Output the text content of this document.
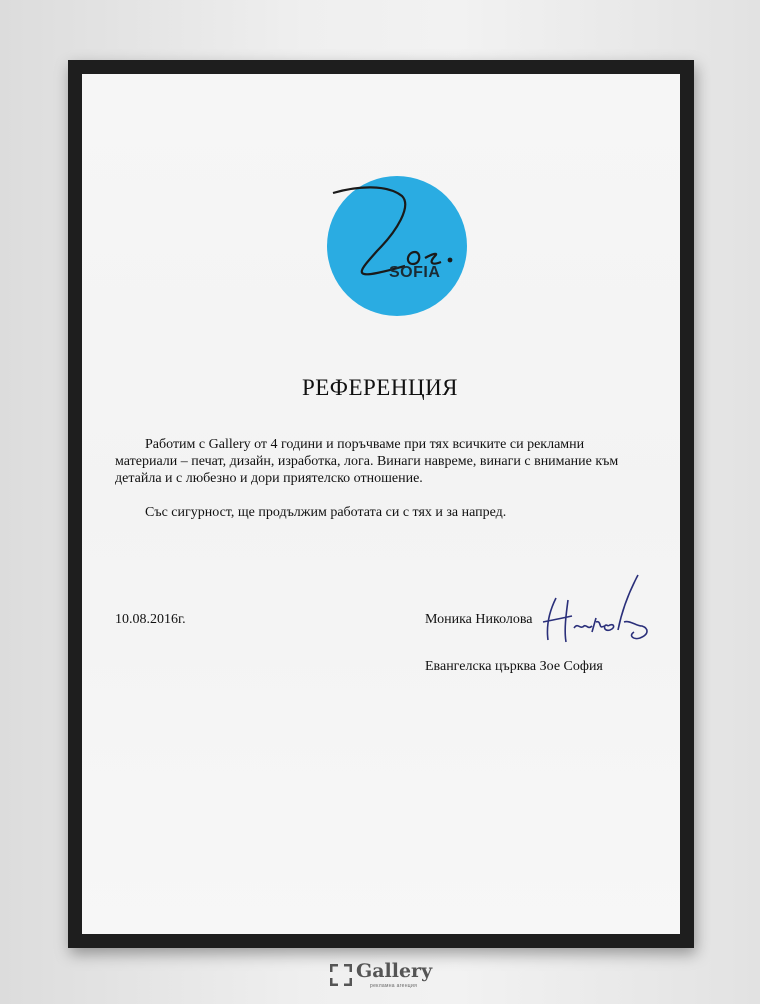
SOFIA
РЕФЕРЕНЦИЯ

Работим с Gallery от 4 години и поръчваме при тях всичките си рекламни материали – печат, дизайн, изработка, лога. Винаги навреме, винаги с внимание към детайла и с любезно и дори приятелско отношение.

Със сигурност, ще продължим работата си с тях и за напред.

10.08.2016г.	Моника Николова
Евангелска църква Зое София
Gallery
рекламна агенция
